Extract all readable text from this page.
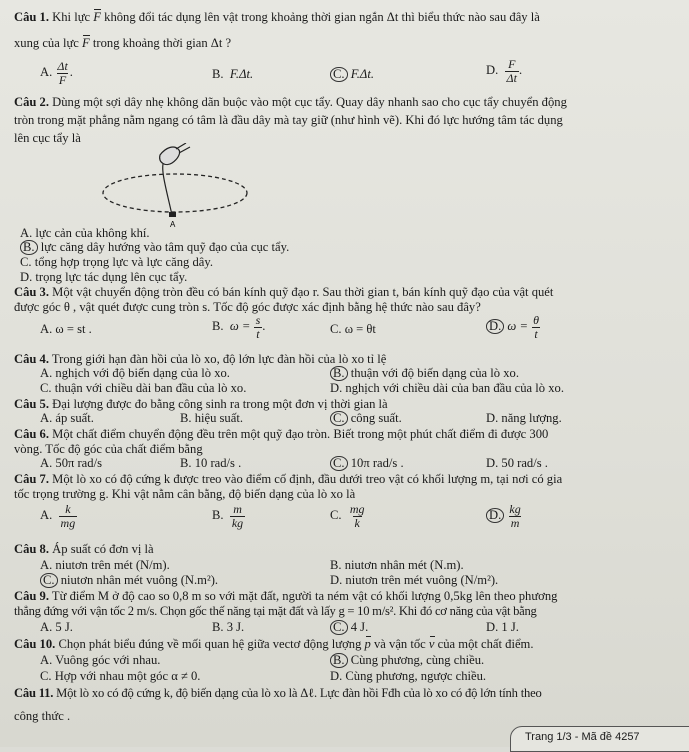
Câu 1. Khi lực F không đổi tác dụng lên vật trong khoảng thời gian ngắn Δt thì biểu thức nào sau đây là
xung của lực F trong khoảng thời gian Δt ?
A. $\frac{\Delta t}{F}$ .	B. F.Δt.	C. F.Δt.	D. $\frac{F}{\Delta t}$ .
Câu 2. Dùng một sợi dây nhẹ không dãn buộc vào một cục tẩy. Quay dây nhanh sao cho cục tẩy chuyển động
tròn trong mặt phẳng nằm ngang có tâm là đầu dây mà tay giữ (như hình vẽ). Khi đó lực hướng tâm tác dụng
lên cục tẩy là
A
A. lực cản của không khí.
B. lực căng dây hướng vào tâm quỹ đạo của cục tẩy.
C. tổng hợp trọng lực và lực căng dây.
D. trọng lực tác dụng lên cục tẩy.
Câu 3. Một vật chuyển động tròn đều có bán kính quỹ đạo r. Sau thời gian t, bán kính quỹ đạo của vật quét
được góc θ , vật quét được cung tròn s. Tốc độ góc được xác định bằng hệ thức nào sau đây?
A. ω = st .	B. $\omega = \frac{s}{t}$ .	C. ω = θt	D. $\omega = \frac{\theta}{t}$
Câu 4. Trong giới hạn đàn hồi của lò xo, độ lớn lực đàn hồi của lò xo tỉ lệ
A. nghịch với độ biến dạng của lò xo.	B. thuận với độ biến dạng của lò xo.
C. thuận với chiều dài ban đầu của lò xo.	D. nghịch với chiều dài của ban đầu của lò xo.
Câu 5. Đại lượng được đo bằng công sinh ra trong một đơn vị thời gian là
A. áp suất.	B. hiệu suất.	C. công suất.	D. năng lượng.
Câu 6. Một chất điểm chuyển động đều trên một quỹ đạo tròn. Biết trong một phút chất điểm đi được 300
vòng. Tốc độ góc của chất điểm bằng
A. 50π rad/s	B. 10 rad/s .	C. 10π rad/s .	D. 50 rad/s .
Câu 7. Một lò xo có độ cứng k được treo vào điểm cố định, đầu dưới treo vật có khối lượng m, tại nơi có gia
tốc trọng trường g. Khi vật nằm cân bằng, độ biến dạng của lò xo là
A. $\frac{k}{mg}$	B. $\frac{m}{kg}$	C. $\frac{mg}{k}$	D. $\frac{kg}{m}$
Câu 8. Áp suất có đơn vị là
A. niutơn trên mét (N/m).	B. niutơn nhân mét (N.m).
C. niutơn nhân mét vuông (N.m²).	D. niutơn trên mét vuông (N/m²).
Câu 9. Từ điểm M ở độ cao so 0,8 m so với mặt đất, người ta ném vật có khối lượng 0,5kg lên theo phương
thẳng đứng với vận tốc 2 m/s. Chọn gốc thế năng tại mặt đất và lấy g = 10 m/s². Khi đó cơ năng của vật bằng
A. 5 J.	B. 3 J.	C. 4 J.	D. 1 J.
Câu 10. Chọn phát biểu đúng về mối quan hệ giữa vectơ động lượng p và vận tốc v của một chất điểm.
A. Vuông góc với nhau.	B. Cùng phương, cùng chiều.
C. Hợp với nhau một góc α ≠ 0.	D. Cùng phương, ngược chiều.
Câu 11. Một lò xo có độ cứng k, độ biến dạng của lò xo là Δℓ. Lực đàn hồi Fđh của lò xo có độ lớn tính theo
công thức .
Trang 1/3 - Mã đề 4257
